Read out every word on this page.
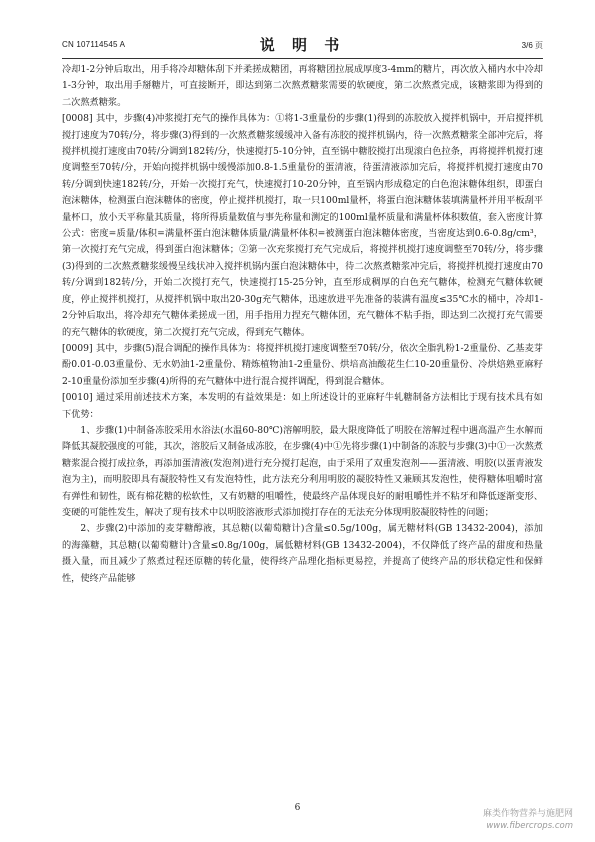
CN 107114545 A	说 明 书	3/6 页

冷却1-2分钟后取出，用手将冷却糖体刮下并柔搓成糖团，再将糖团拉展成厚度3-4mm的糖片，再次放入桶内水中冷却1-3分钟，取出用手掰糖片，可直接断开，即达到第二次熬煮糖浆需要的软硬度，第二次熬煮完成，该糖浆即为得到的二次熬煮糖浆。

[0008] 其中，步骤(4)冲浆搅打充气的操作具体为：①将1-3重量份的步骤(1)得到的冻胶放入搅拌机锅中，开启搅拌机搅打速度为70转/分，将步骤(3)得到的一次熬煮糖浆缓缓冲入备有冻胶的搅拌机锅内，待一次熬煮糖浆全部冲完后，将搅拌机搅打速度由70转/分调到182转/分，快速搅打5-10分钟，直至锅中糖胶搅打出现滚白色拉条，再将搅拌机搅打速度调整至70转/分，开始向搅拌机锅中缓慢添加0.8-1.5重量份的蛋清液，待蛋清液添加完后，将搅拌机搅打速度由70转/分调到快速182转/分，开始一次搅打充气，快速搅打10-20分钟，直至锅内形成稳定的白色泡沫糖体组织，即蛋白泡沫糖体，检测蛋白泡沫糖体的密度，停止搅拌机搅打，取一只100ml量杯，将蛋白泡沫糖体装填满量杯并用平板刮平量杯口，放小天平称量其质量，将所得质量数值与事先称量和测定的100ml量杯质量和满量杯体积数值，套入密度计算公式：密度=质量/体积=满量杯蛋白泡沫糖体质量/满量杯体积=被测蛋白泡沫糖体密度，当密度达到0.6-0.8g/cm³，第一次搅打充气完成，得到蛋白泡沫糖体；②第一次充浆搅打充气完成后，将搅拌机搅打速度调整至70转/分，将步骤(3)得到的二次熬煮糖浆缓慢呈线状冲入搅拌机锅内蛋白泡沫糖体中，待二次熬煮糖浆冲完后，将搅拌机搅打速度由70转/分调到182转/分，开始二次搅打充气，快速搅打15-25分钟，直至形成稠厚的白色充气糖体，检测充气糖体软硬度，停止搅拌机搅打，从搅拌机锅中取出20-30g充气糖体，迅速放进平先准备的装满有温度≤35℃水的桶中，冷却1-2分钟后取出，将冷却充气糖体柔搓成一团，用手指用力捏充气糖体团，充气糖体不粘手指，即达到二次搅打充气需要的充气糖体的软硬度，第二次搅打充气完成，得到充气糖体。

[0009] 其中，步骤(5)混合调配的操作具体为：将搅拌机搅打速度调整至70转/分，依次全脂乳粉1-2重量份、乙基麦芽酚0.01-0.03重量份、无水奶油1-2重量份、精炼植物油1-2重量份、烘培高油酸花生仁10-20重量份、冷烘焙熟亚麻籽2-10重量份添加至步骤(4)所得的充气糖体中进行混合搅拌调配，得到混合糖体。

[0010] 通过采用前述技术方案，本发明的有益效果是：如上所述设计的亚麻籽牛轧糖制备方法相比于现有技术具有如下优势：

1、步骤(1)中制备冻胶采用水浴法(水温60-80℃)溶解明胶，最大限度降低了明胶在溶解过程中遇高温产生水解而降低其凝胶强度的可能，其次，溶胶后又制备成冻胶，在步骤(4)中①先将步骤(1)中制备的冻胶与步骤(3)中①一次熬煮糖浆混合搅打成拉条，再添加蛋清液(发泡剂)进行充分搅打起泡，由于采用了双重发泡剂——蛋清液、明胶(以蛋青液发泡为主)，而明胶即具有凝胶特性又有发泡特性，此方法充分利用明胶的凝胶特性又兼顾其发泡性，使得糖体咀嚼时富有弹性和韧性，既有棉花糖的松软性，又有奶糖的咀嚼性，使最终产品体现良好的耐咀嚼性并不粘牙和降低逐渐变形、变硬的可能性发生，解决了现有技术中以明胶溶液形式添加搅打存在的无法充分体现明胶凝胶特性的问题；

2、步骤(2)中添加的麦芽糖醇液，其总糖(以葡萄糖计)含量≤0.5g/100g，属无糖材料(GB 13432-2004)，添加的海藻糖，其总糖(以葡萄糖计)含量≤0.8g/100g，属低糖材料(GB 13432-2004)，不仅降低了终产品的甜度和热量摄入量，而且减少了熬煮过程还原糖的转化量，使得终产品理化指标更易控，并提高了使终产品的形状稳定性和保鲜性，使终产品能够

6
麻类作物营养与施肥网
www.fibercrops.com
